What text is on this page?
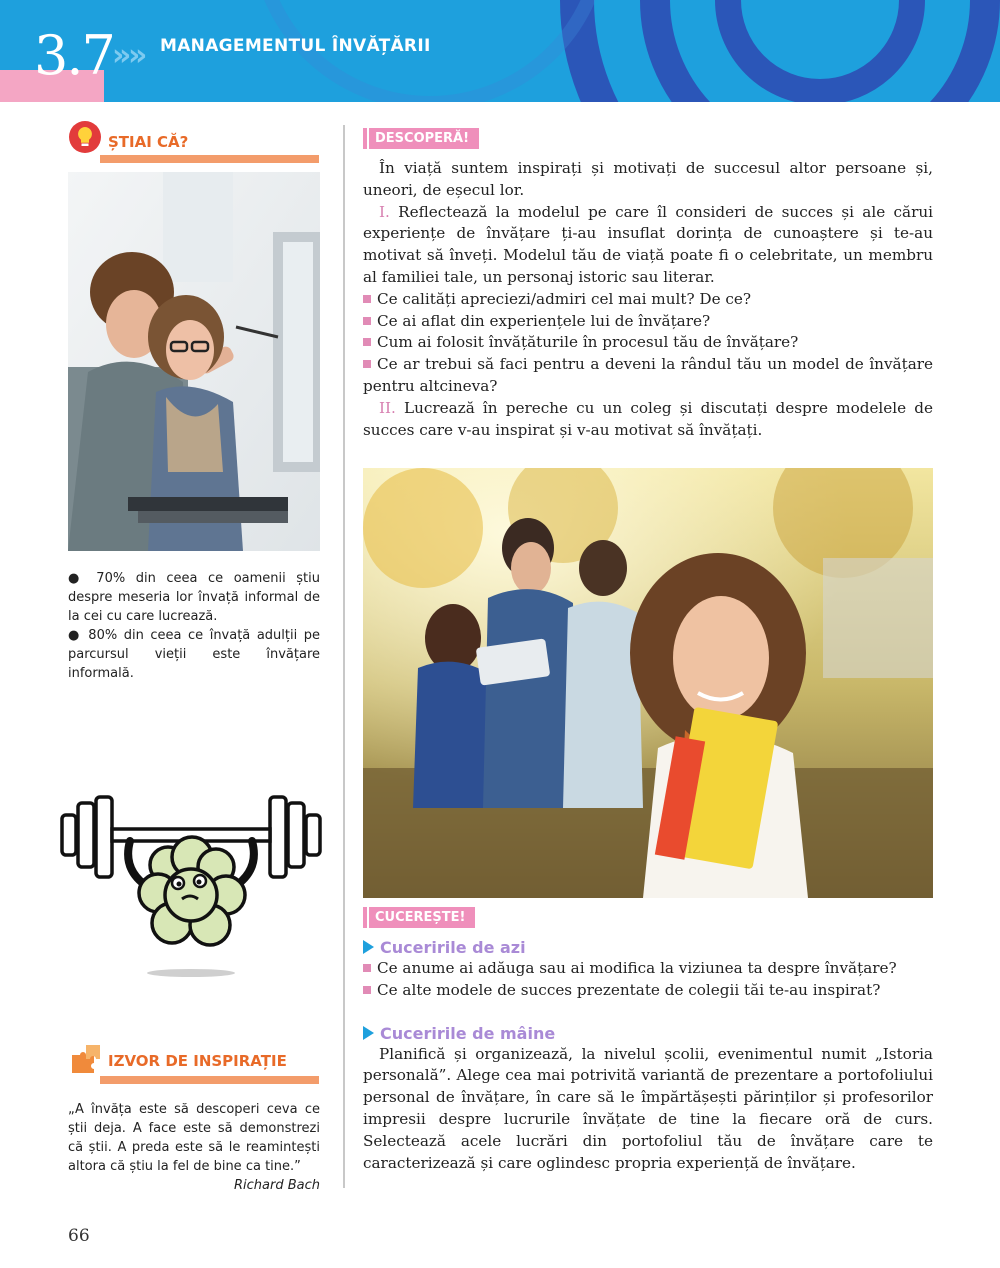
3.7
»
» MANAGEMENTUL ÎNVĂȚĂRII
ȘTIAI CĂ?
● 70% din ceea ce oamenii știu despre meseria lor învață informal de la cei cu care lucrează.
● 80% din ceea ce învață adulții pe parcursul vieții este învățare informală.
IZVOR DE INSPIRAȚIE
„A învăța este să descoperi ceva ce știi deja. A face este să demonstrezi că știi. A preda este să le reamintești altora că știu la fel de bine ca tine.”
Richard Bach
DESCOPERĂ!

În viață suntem inspirați și motivați de succesul altor persoane și, uneori, de eșecul lor.

I. Reflectează la modelul pe care îl consideri de succes și ale cărui experiențe de învățare ți-au insuflat dorința de cunoaștere și te-au motivat să înveți. Modelul tău de viață poate fi o celebritate, un membru al familiei tale, un personaj istoric sau literar.

Ce calități apreciezi/admiri cel mai mult? De ce?

Ce ai aflat din experiențele lui de învățare?

Cum ai folosit învățăturile în procesul tău de învățare?

Ce ar trebui să faci pentru a deveni la rândul tău un model de învățare pentru altcineva?

II. Lucrează în pereche cu un coleg și discutați despre modelele de succes care v-au inspirat și v-au motivat să învățați.

CUCEREȘTE!
Cuceririle de azi

Ce anume ai adăuga sau ai modifica la viziunea ta despre învățare?

Ce alte modele de succes prezentate de colegii tăi te-au inspirat?

Cuceririle de mâine

Planifică și organizează, la nivelul școlii, evenimentul numit „Istoria personală”. Alege cea mai potrivită variantă de prezentare a portofoliului personal de învățare, în care să le împărtășești părinților și profesorilor impresii despre lucrurile învățate de tine la fiecare oră de curs. Selectează acele lucrări din portofoliul tău de învățare care te caracterizează și care oglindesc propria experiență de învățare.

66
